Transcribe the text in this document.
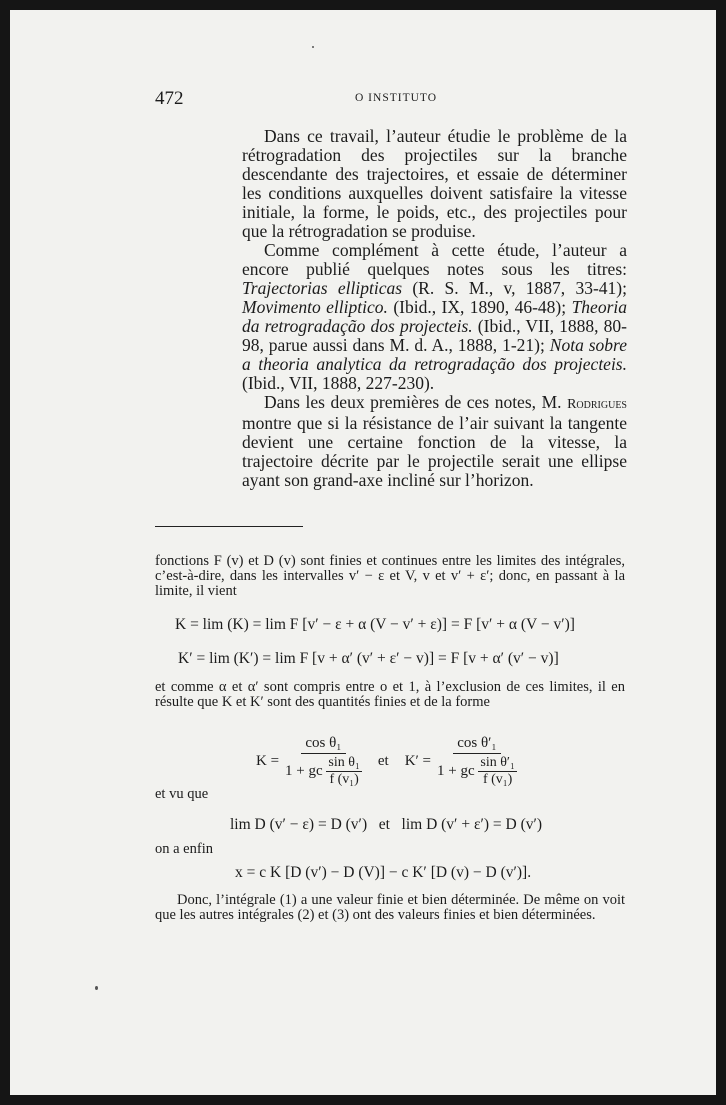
472	O INSTITUTO

Dans ce travail, l’auteur étudie le problème de la rétrogradation des projectiles sur la branche descendante des trajectoires, et essaie de déterminer les conditions auxquelles doivent satisfaire la vitesse initiale, la forme, le poids, etc., des projectiles pour que la rétrogradation se produise.

Comme complément à cette étude, l’auteur a encore publié quelques notes sous les titres: Trajectorias ellipticas (R. S. M., v, 1887, 33-41); Movimento elliptico. (Ibid., IX, 1890, 46-48); Theoria da retrogradação dos projecteis. (Ibid., VII, 1888, 80-98, parue aussi dans M. d. A., 1888, 1-21); Nota sobre a theoria analytica da retrogradação dos projecteis. (Ibid., VII, 1888, 227-230).

Dans les deux premières de ces notes, M. Rodrigues montre que si la résistance de l’air suivant la tangente devient une certaine fonction de la vitesse, la trajectoire décrite par le projectile serait une ellipse ayant son grand-axe incliné sur l’horizon.

fonctions F (v) et D (v) sont finies et continues entre les limites des intégrales, c’est-à-dire, dans les intervalles v′ − ε et V, v et v′ + ε′; donc, en passant à la limite, il vient
K = lim (K) = lim F [v′ − ε + α (V − v′ + ε)] = F [v′ + α (V − v′)]
K′ = lim (K′) = lim F [v + α′ (v′ + ε′ − v)] = F [v + α′ (v′ − v)]
et comme α et α′ sont compris entre o et 1, à l’exclusion de ces limites, il en résulte que K et K′ sont des quantités finies et de la forme
$K = \frac{\text{cos θ₁}}{1 + gc \frac{\text{sin θ₁}}{\text{f (v₁)}}}$ et $K' = \frac{\text{cos θ′₁}}{1 + gc \frac{\text{sin θ′₁}}{\text{f (v₁)}}}$
et vu que
lim D (v′ − ε) = D (v′)   et   lim D (v′ + ε′) = D (v′)
on a enfin
x = c K [D (v′) − D (V)] − c K′ [D (v) − D (v′)].
Donc, l’intégrale (1) a une valeur finie et bien déterminée. De même on voit que les autres intégrales (2) et (3) ont des valeurs finies et bien déterminées.
